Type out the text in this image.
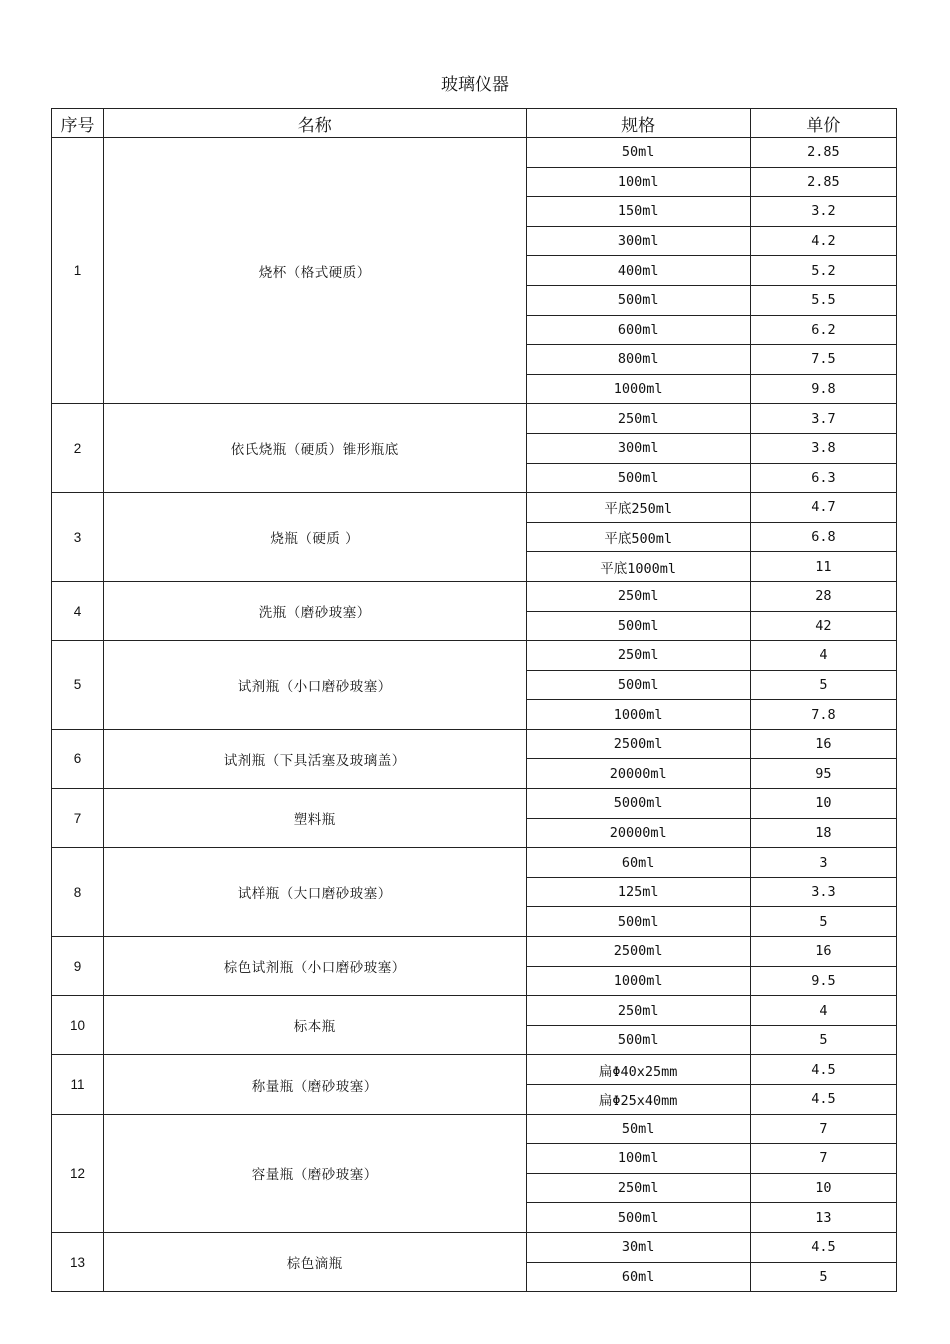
玻璃仪器
序号	名称	规格	单价
1	烧杯（格式硬质）	50ml	2.85
		100ml	2.85
		150ml	3.2
		300ml	4.2
		400ml	5.2
		500ml	5.5
		600ml	6.2
		800ml	7.5
		1000ml	9.8
2	依氏烧瓶（硬质）锥形瓶底	250ml	3.7
		300ml	3.8
		500ml	6.3
3	烧瓶（硬质 ）	平底250ml	4.7
		平底500ml	6.8
		平底1000ml	11
4	洗瓶（磨砂玻塞）	250ml	28
		500ml	42
5	试剂瓶（小口磨砂玻塞）	250ml	4
		500ml	5
		1000ml	7.8
6	试剂瓶（下具活塞及玻璃盖）	2500ml	16
		20000ml	95
7	塑料瓶	5000ml	10
		20000ml	18
8	试样瓶（大口磨砂玻塞）	60ml	3
		125ml	3.3
		500ml	5
9	棕色试剂瓶（小口磨砂玻塞）	2500ml	16
		1000ml	9.5
10	标本瓶	250ml	4
		500ml	5
11	称量瓶（磨砂玻塞）	扁Φ40x25mm	4.5
		扁Φ25x40mm	4.5
12	容量瓶（磨砂玻塞）	50ml	7
		100ml	7
		250ml	10
		500ml	13
13	棕色滴瓶	30ml	4.5
		60ml	5
